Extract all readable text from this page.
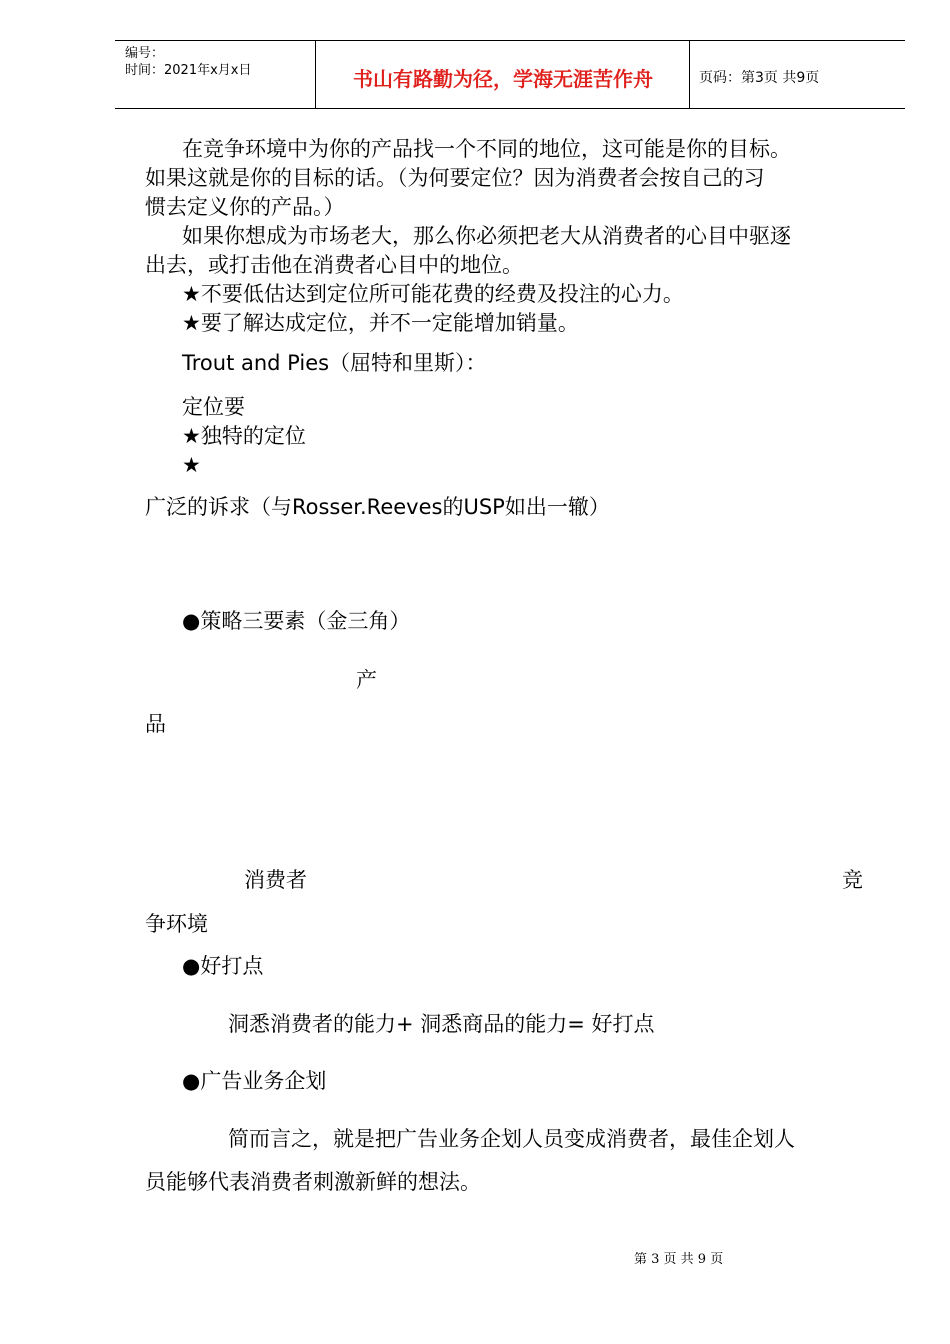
编号：
时间：2021年x月x日	书山有路勤为径，学海无涯苦作舟	页码：第3页 共9页
在竞争环境中为你的产品找一个不同的地位，这可能是你的目标。
如果这就是你的目标的话。（为何要定位？因为消费者会按自己的习
惯去定义你的产品。）
如果你想成为市场老大，那么你必须把老大从消费者的心目中驱逐
出去，或打击他在消费者心目中的地位。
★不要低估达到定位所可能花费的经费及投注的心力。
★要了解达成定位，并不一定能增加销量。
Trout and Pies（屈特和里斯）：
定位要
★独特的定位
★
广泛的诉求（与Rosser.Reeves的USP如出一辙）
●策略三要素（金三角）
产
品
消费者	竞
争环境
●好打点
洞悉消费者的能力+ 洞悉商品的能力= 好打点
●广告业务企划
简而言之，就是把广告业务企划人员变成消费者，最佳企划人
员能够代表消费者刺激新鲜的想法。
第 3 页 共 9 页
